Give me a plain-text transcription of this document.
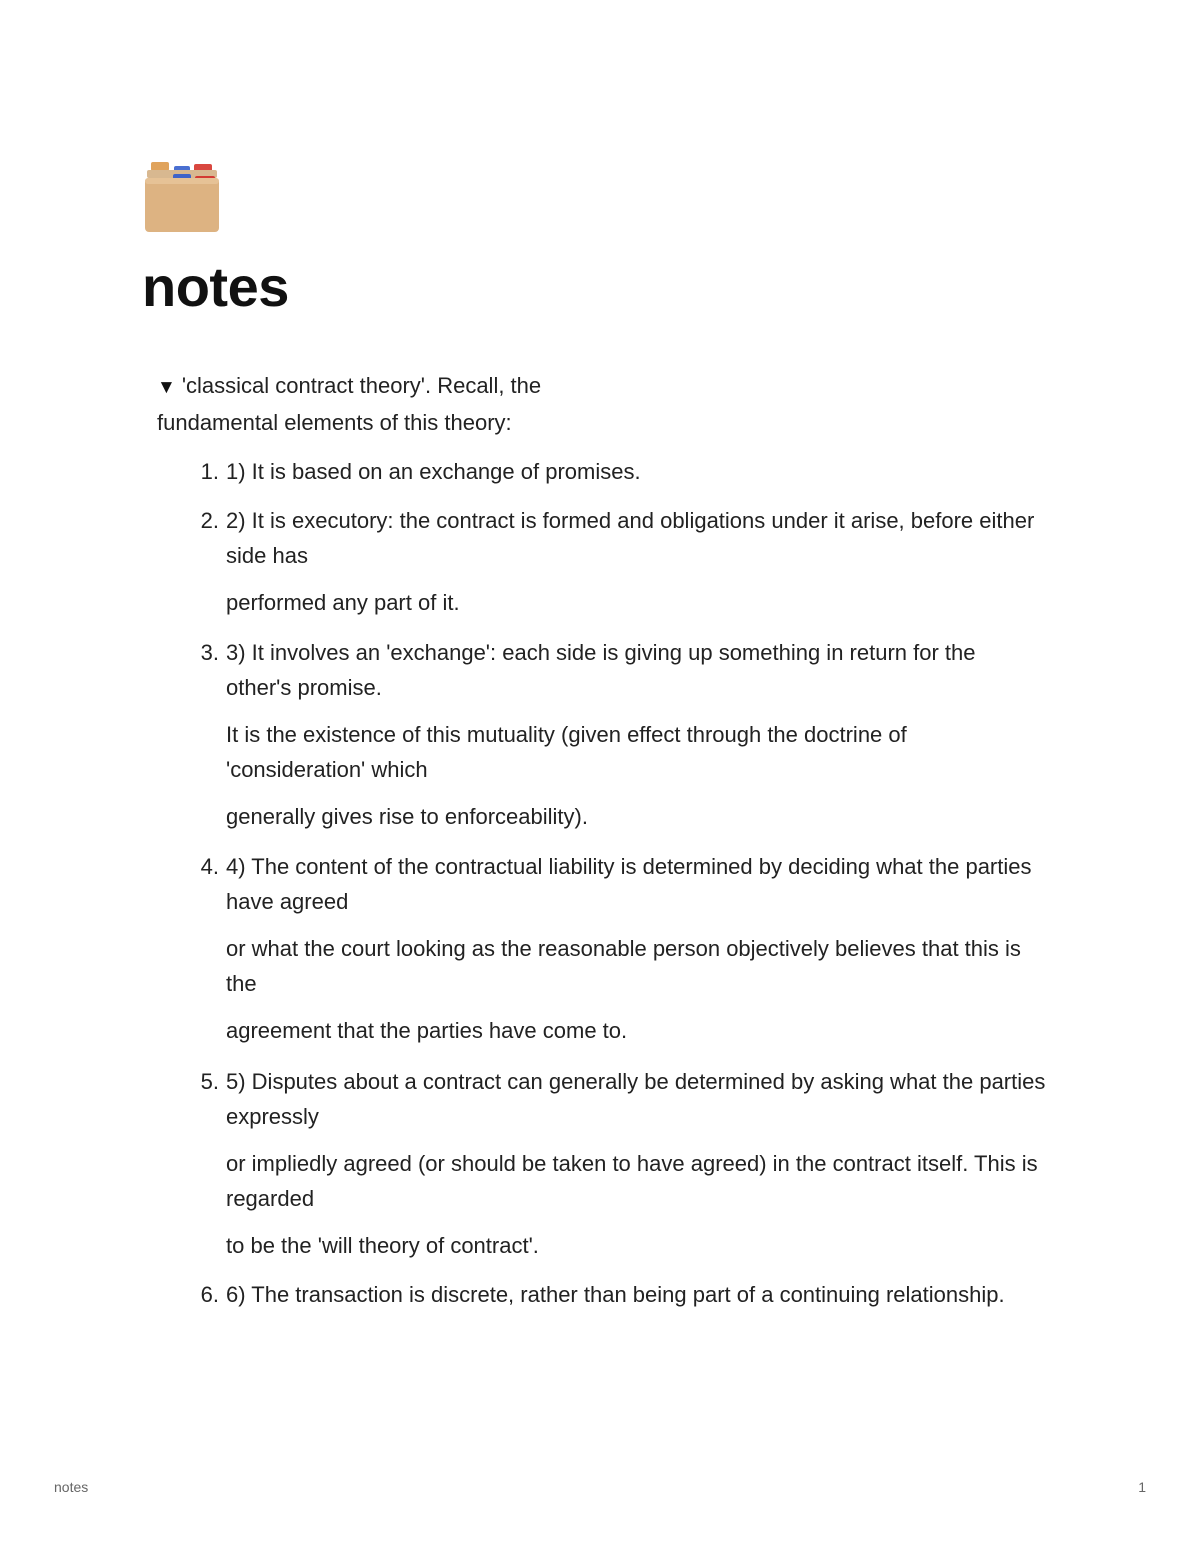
notes
▼ 'classical contract theory'. Recall, the
fundamental elements of this theory:
1. 1) It is based on an exchange of promises.

2. 2) It is executory: the contract is formed and obligations under it arise, before either side has

performed any part of it.

3. 3) It involves an 'exchange': each side is giving up something in return for the other's promise.

It is the existence of this mutuality (given effect through the doctrine of 'consideration' which

generally gives rise to enforceability).

4. 4) The content of the contractual liability is determined by deciding what the parties have agreed

or what the court looking as the reasonable person objectively believes that this is the

agreement that the parties have come to.

5. 5) Disputes about a contract can generally be determined by asking what the parties expressly

or impliedly agreed (or should be taken to have agreed) in the contract itself. This is regarded

to be the 'will theory of contract'.

6. 6) The transaction is discrete, rather than being part of a continuing relationship.

notes	1
